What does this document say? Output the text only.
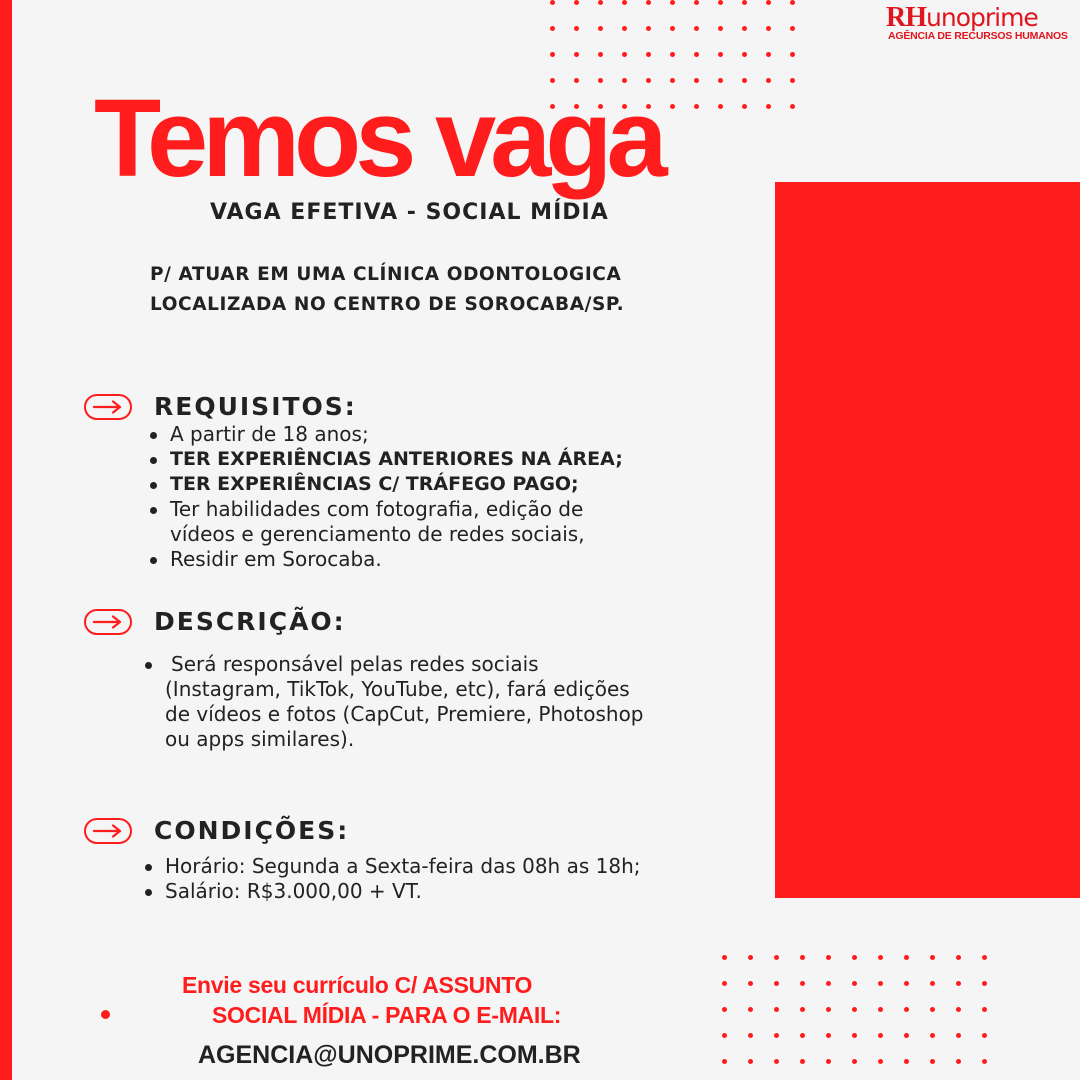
RHunoprime
AGÊNCIA DE RECURSOS HUMANOS
Temos vaga
VAGA EFETIVA - SOCIAL MÍDIA
P/ ATUAR EM UMA CLÍNICA ODONTOLOGICA
LOCALIZADA NO CENTRO DE SOROCABA/SP.
REQUISITOS:
A partir de 18 anos;
TER EXPERIÊNCIAS ANTERIORES NA ÁREA;
TER EXPERIÊNCIAS C/ TRÁFEGO PAGO;
Ter habilidades com fotografia, edição de
vídeos e gerenciamento de redes sociais,
Residir em Sorocaba.
DESCRIÇÃO:
Será responsável pelas redes sociais
(Instagram, TikTok, YouTube, etc), fará edições
de vídeos e fotos (CapCut, Premiere, Photoshop
ou apps similares).
CONDIÇÕES:
Horário: Segunda a Sexta-feira das 08h as 18h;
Salário: R$3.000,00 + VT.
Envie seu currículo C/ ASSUNTO
SOCIAL MÍDIA - PARA O E-MAIL:
AGENCIA@UNOPRIME.COM.BR
